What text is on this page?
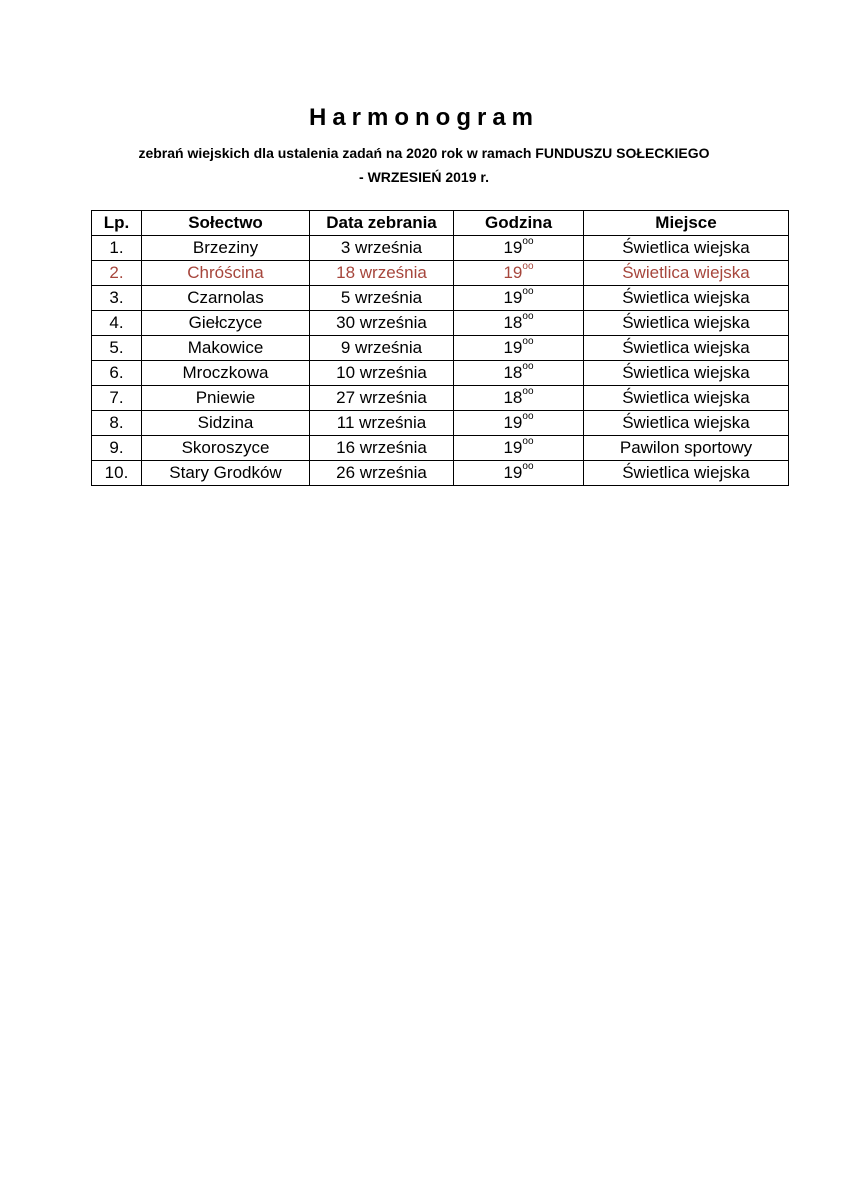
Harmonogram
zebrań wiejskich dla ustalenia zadań na 2020 rok w ramach FUNDUSZU SOŁECKIEGO
- WRZESIEŃ 2019 r.
Lp.	Sołectwo	Data zebrania	Godzina	Miejsce
1.	Brzeziny	3 września	$19^{oo}$	Świetlica wiejska
2.	Chróścina	18 września	$19^{oo}$	Świetlica wiejska
3.	Czarnolas	5 września	$19^{oo}$	Świetlica wiejska
4.	Giełczyce	30 września	$18^{oo}$	Świetlica wiejska
5.	Makowice	9 września	$19^{oo}$	Świetlica wiejska
6.	Mroczkowa	10 września	$18^{oo}$	Świetlica wiejska
7.	Pniewie	27 września	$18^{oo}$	Świetlica wiejska
8.	Sidzina	11 września	$19^{oo}$	Świetlica wiejska
9.	Skoroszyce	16 września	$19^{oo}$	Pawilon sportowy
10.	Stary Grodków	26 września	$19^{oo}$	Świetlica wiejska
